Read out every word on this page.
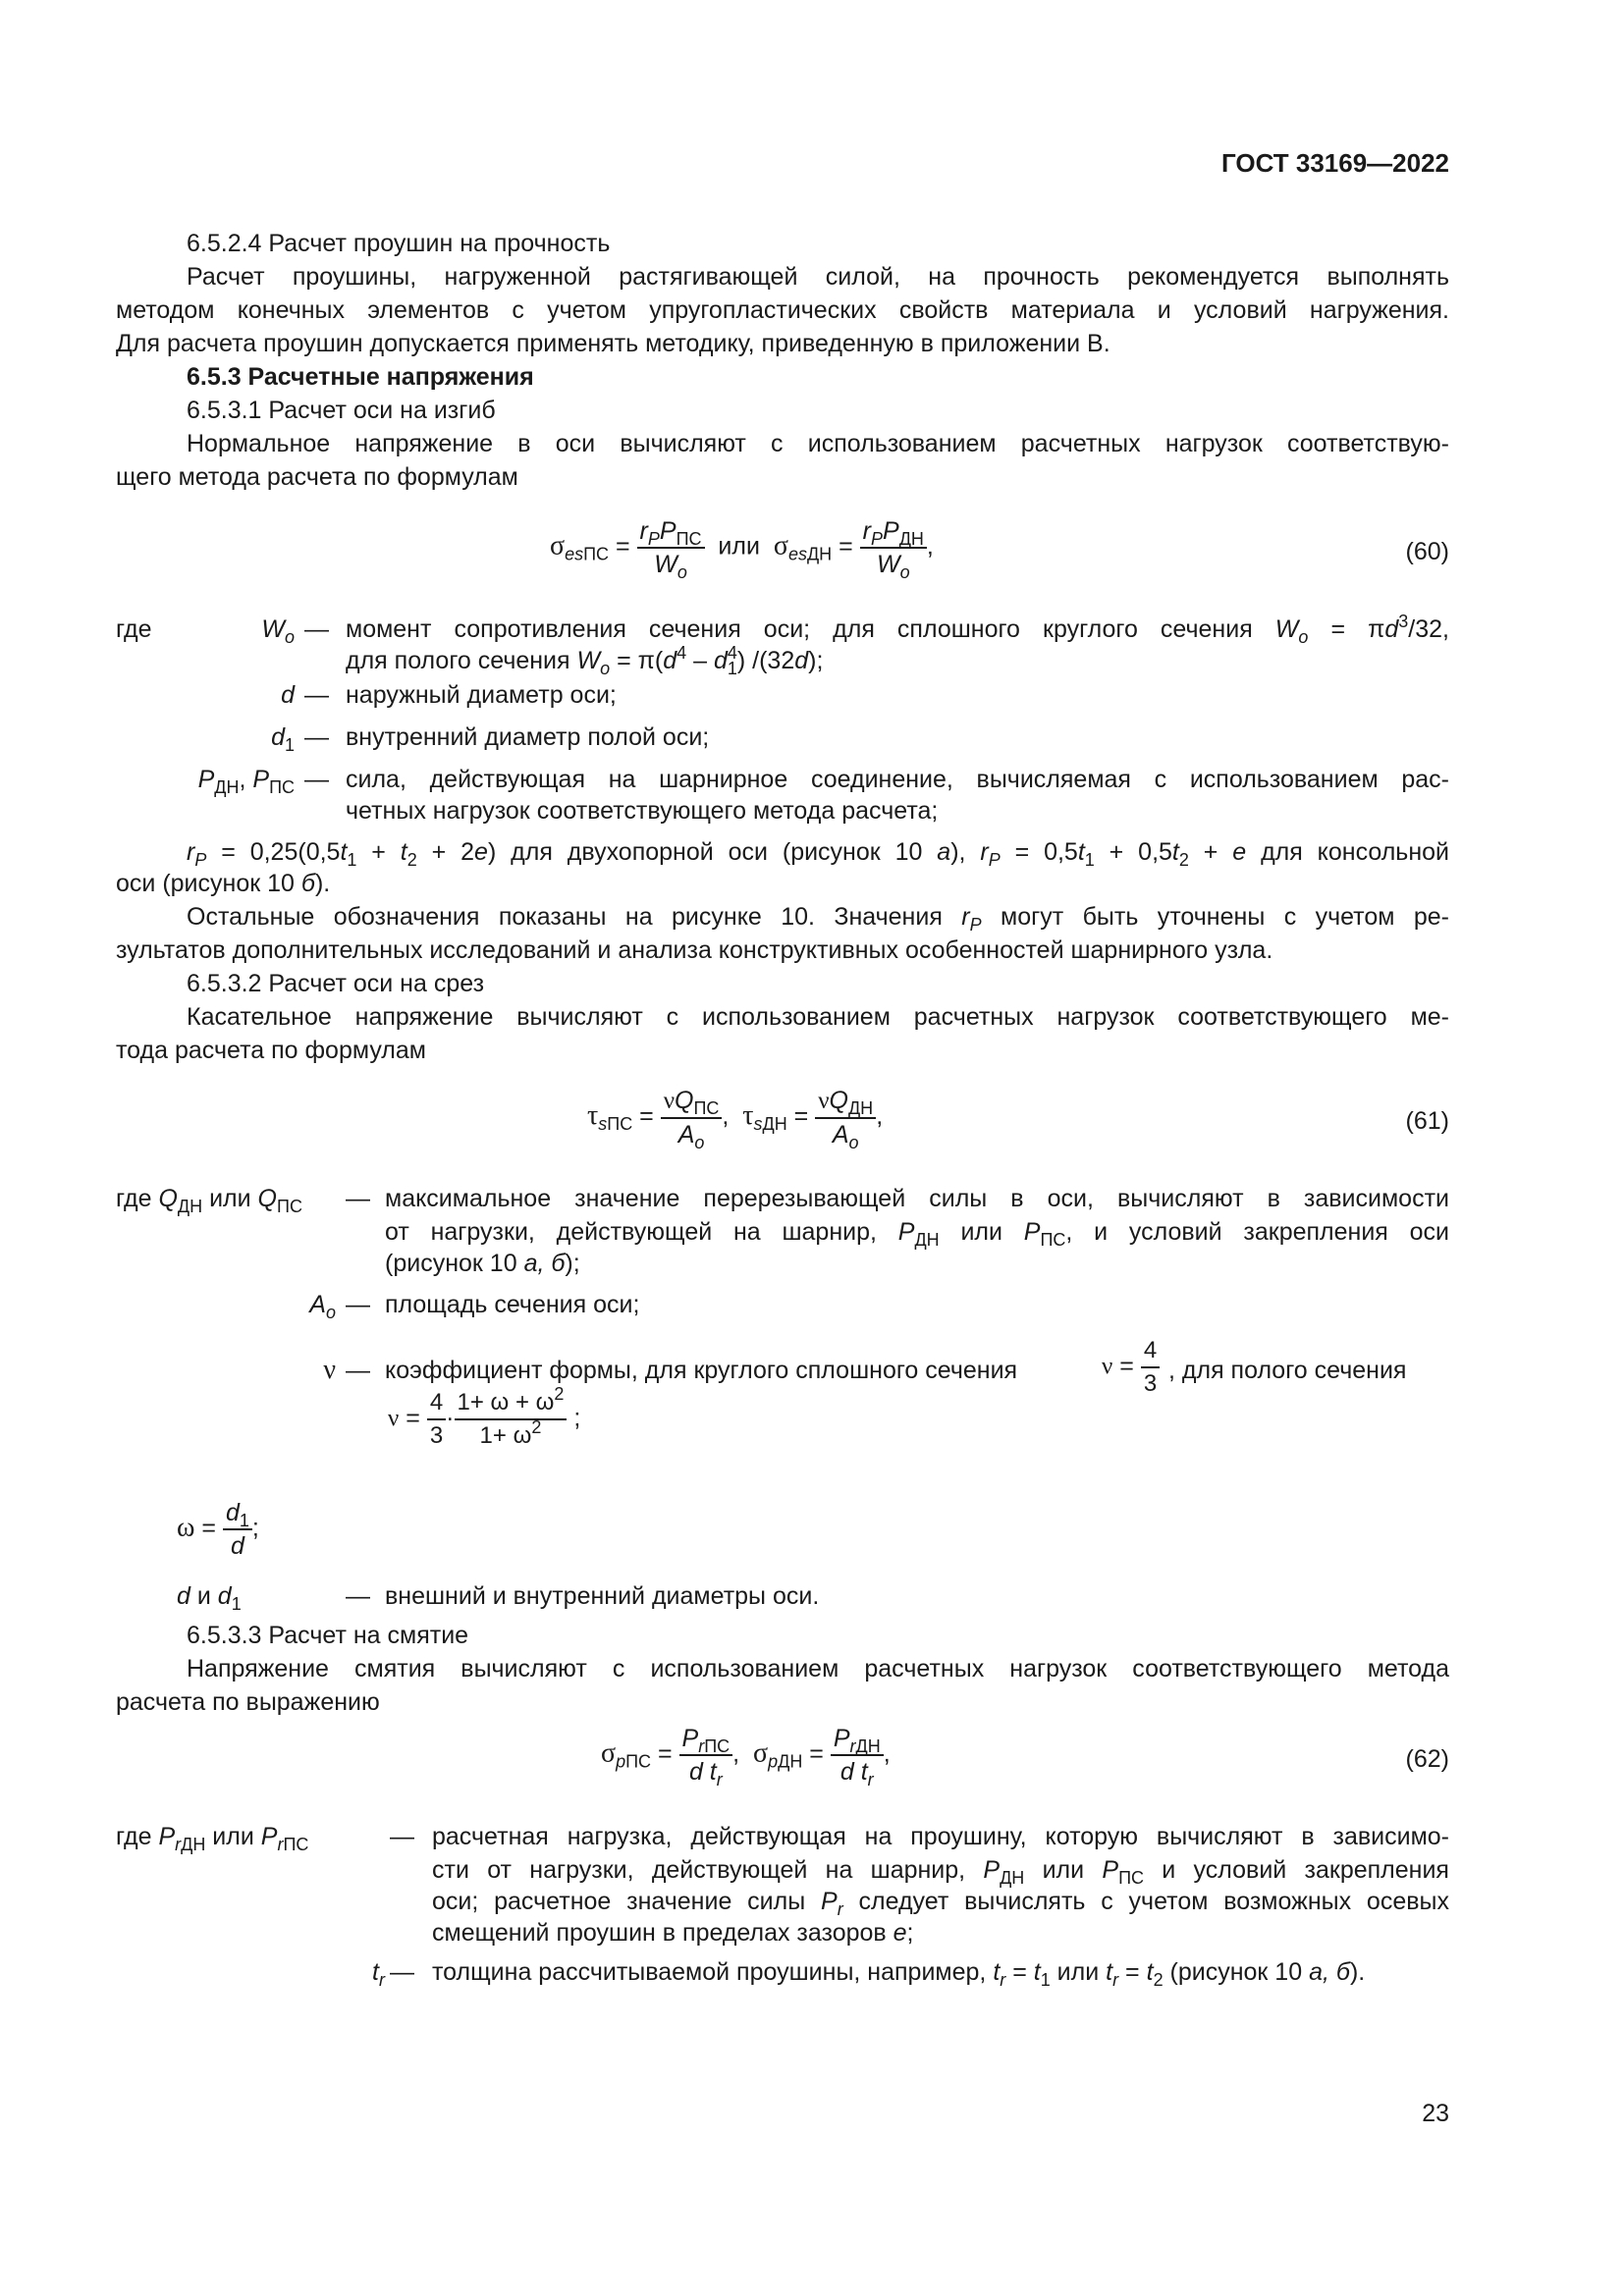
ГОСТ 33169—2022
6.5.2.4 Расчет проушин на прочность
Расчет проушины, нагруженной растягивающей силой, на прочность рекомендуется выполнять
методом конечных элементов с учетом упругопластических свойств материала и условий нагружения.
Для расчета проушин допускается применять методику, приведенную в приложении В.
6.5.3 Расчетные напряжения
6.5.3.1 Расчет оси на изгиб
Нормальное напряжение в оси вычисляют с использованием расчетных нагрузок соответствую-
щего метода расчета по формулам
$\sigma_{esПС} = \frac{r_PP_{ПС}}{W_o}$ или $\sigma_{esДН} = \frac{r_PP_{ДН}}{W_o}$ ,	(60)
где	$W_o$ — момент сопротивления сечения оси; для сплошного круглого сечения $W_o = \pi d^3/32$,
для полого сечения $W_o = \pi(d^4 - d_1^4)$ /(32d);
d — наружный диаметр оси;
$d_1$ — внутренний диаметр полой оси;
$P_{ДН}$, $P_{ПС}$ — сила, действующая на шарнирное соединение, вычисляемая с использованием рас-
четных нагрузок соответствующего метода расчета;
$r_P = 0,25(0,5t_1 + t_2 + 2e)$ для двухопорной оси (рисунок 10 а), $r_P = 0,5t_1 + 0,5t_2 + e$ для консольной
оси (рисунок 10 б).
Остальные обозначения показаны на рисунке 10. Значения $r_P$ могут быть уточнены с учетом ре-
зультатов дополнительных исследований и анализа конструктивных особенностей шарнирного узла.
6.5.3.2 Расчет оси на срез
Касательное напряжение вычисляют с использованием расчетных нагрузок соответствующего ме-
тода расчета по формулам
$\tau_{sПС} = \frac{\nu Q_{ПС}}{A_o}$ ,  $\tau_{sДН} = \frac{\nu Q_{ДН}}{A_o}$ ,	(61)
где $Q_{ДН}$ или $Q_{ПС}$ — максимальное значение перерезывающей силы в оси, вычисляют в зависимости
от нагрузки, действующей на шарнир, $P_{ДН}$ или $P_{ПС}$, и условий закрепления оси
(рисунок 10 а, б);
$A_o$ — площадь сечения оси;
ν — коэффициент формы, для круглого сплошного сечения	$\nu = \frac{4}{3}$ , для полого сечения
$\nu = \frac{4}{3} \cdot \frac{1+ \omega + \omega^2}{1+ \omega^2}$ ;
$\omega = \frac{d_1}{d}$ ;
d и $d_1$	— внешний и внутренний диаметры оси.
6.5.3.3 Расчет на смятие
Напряжение смятия вычисляют с использованием расчетных нагрузок соответствующего метода
расчета по выражению
$\sigma_{pПС} = \frac{P_{rПС}}{d t_r}$ ,  $\sigma_{pДН} = \frac{P_{rДН}}{d t_r}$ ,	(62)
где $P_{rДН}$ или $P_{rПС}$	— расчетная нагрузка, действующая на проушину, которую вычисляют в зависимо-
сти от нагрузки, действующей на шарнир, $P_{ДН}$ или $P_{ПС}$ и условий закрепления
оси; расчетное значение силы $P_r$ следует вычислять с учетом возможных осевых
смещений проушин в пределах зазоров e;
$t_r$ — толщина рассчитываемой проушины, например, $t_r = t_1$ или $t_r = t_2$ (рисунок 10 а, б).
23
